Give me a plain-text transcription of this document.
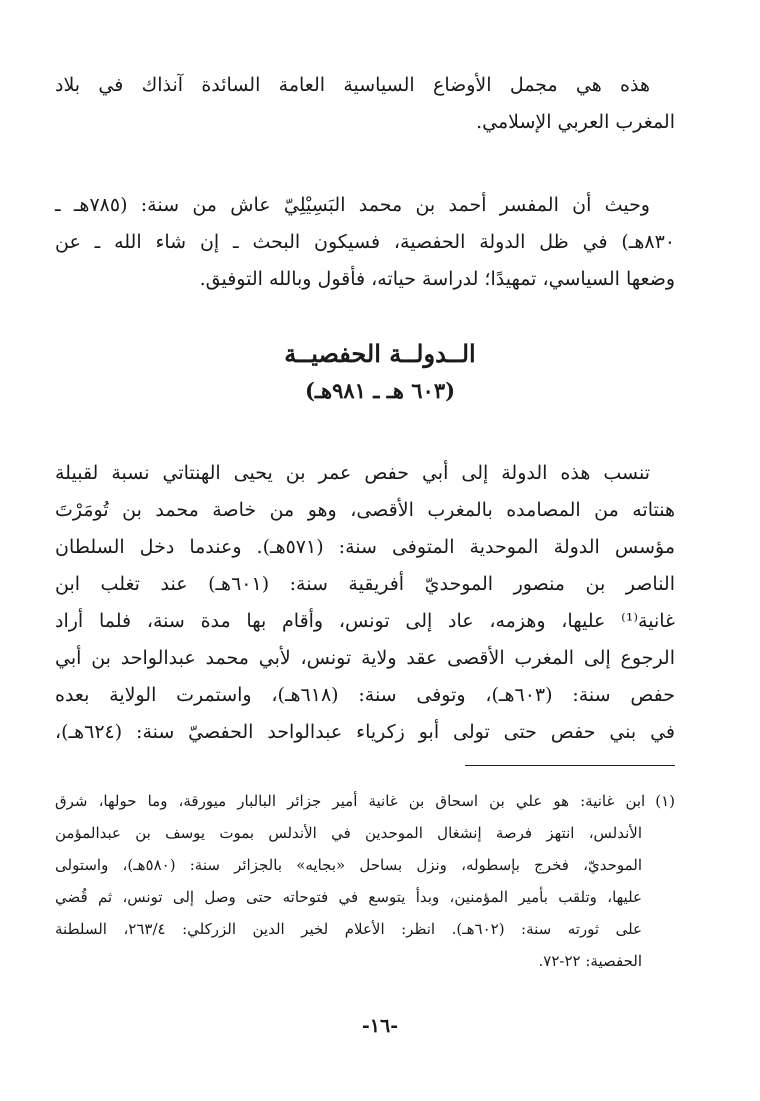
هذه هي مجمل الأوضاع السياسية العامة السائدة آنذاك في بلاد
المغرب العربي الإسلامي.
وحيث أن المفسر أحمد بن محمد البَسِيْلِيّ عاش من سنة: (٧٨٥هـ ـ
٨٣٠هـ) في ظل الدولة الحفصية، فسيكون البحث ـ إن شاء الله ـ عن
وضعها السياسي، تمهيدًا؛ لدراسة حياته، فأقول وبالله التوفيق.
الــدولــة الحفصيــة
(٦٠٣ هـ ـ ٩٨١هـ)
تنسب هذه الدولة إلى أبي حفص عمر بن يحيى الهنتاتي نسبة لقبيلة
هنتاته من المصامده بالمغرب الأقصى، وهو من خاصة محمد بن تُومَرْتَ
مؤسس الدولة الموحدية المتوفى سنة: (٥٧١هـ). وعندما دخل السلطان
الناصر بن منصور الموحديّ أفريقية سنة: (٦٠١هـ) عند تغلب ابن
غانية⁽¹⁾ عليها، وهزمه، عاد إلى تونس، وأقام بها مدة سنة، فلما أراد
الرجوع إلى المغرب الأقصى عقد ولاية تونس، لأبي محمد عبدالواحد بن أبي
حفص سنة: (٦٠٣هـ)، وتوفى سنة: (٦١٨هـ)، واستمرت الولاية بعده
في بني حفص حتى تولى أبو زكرياء عبدالواحد الحفصيّ سنة: (٦٢٤هـ)،
(١)ابن غانية: هو علي بن اسحاق بن غانية أمير جزائر البالبار ميورقة، وما حولها، شرق
الأندلس، انتهز فرصة إنشغال الموحدين في الأندلس بموت يوسف بن عبدالمؤمن
الموحديّ، فخرج بإسطوله، ونزل بساحل «بجايه» بالجزائر سنة: (٥٨٠هـ)، واستولى
عليها، وتلقب بأمير المؤمنين، وبدأ يتوسع في فتوحاته حتى وصل إلى تونس، ثم قُضي
على ثورته سنة: (٦٠٢هـ). انظر: الأعلام لخير الدين الزركلي: ٢٦٣/٤، السلطنة
الحفصية: ٢٢-٧٢.
-١٦-
